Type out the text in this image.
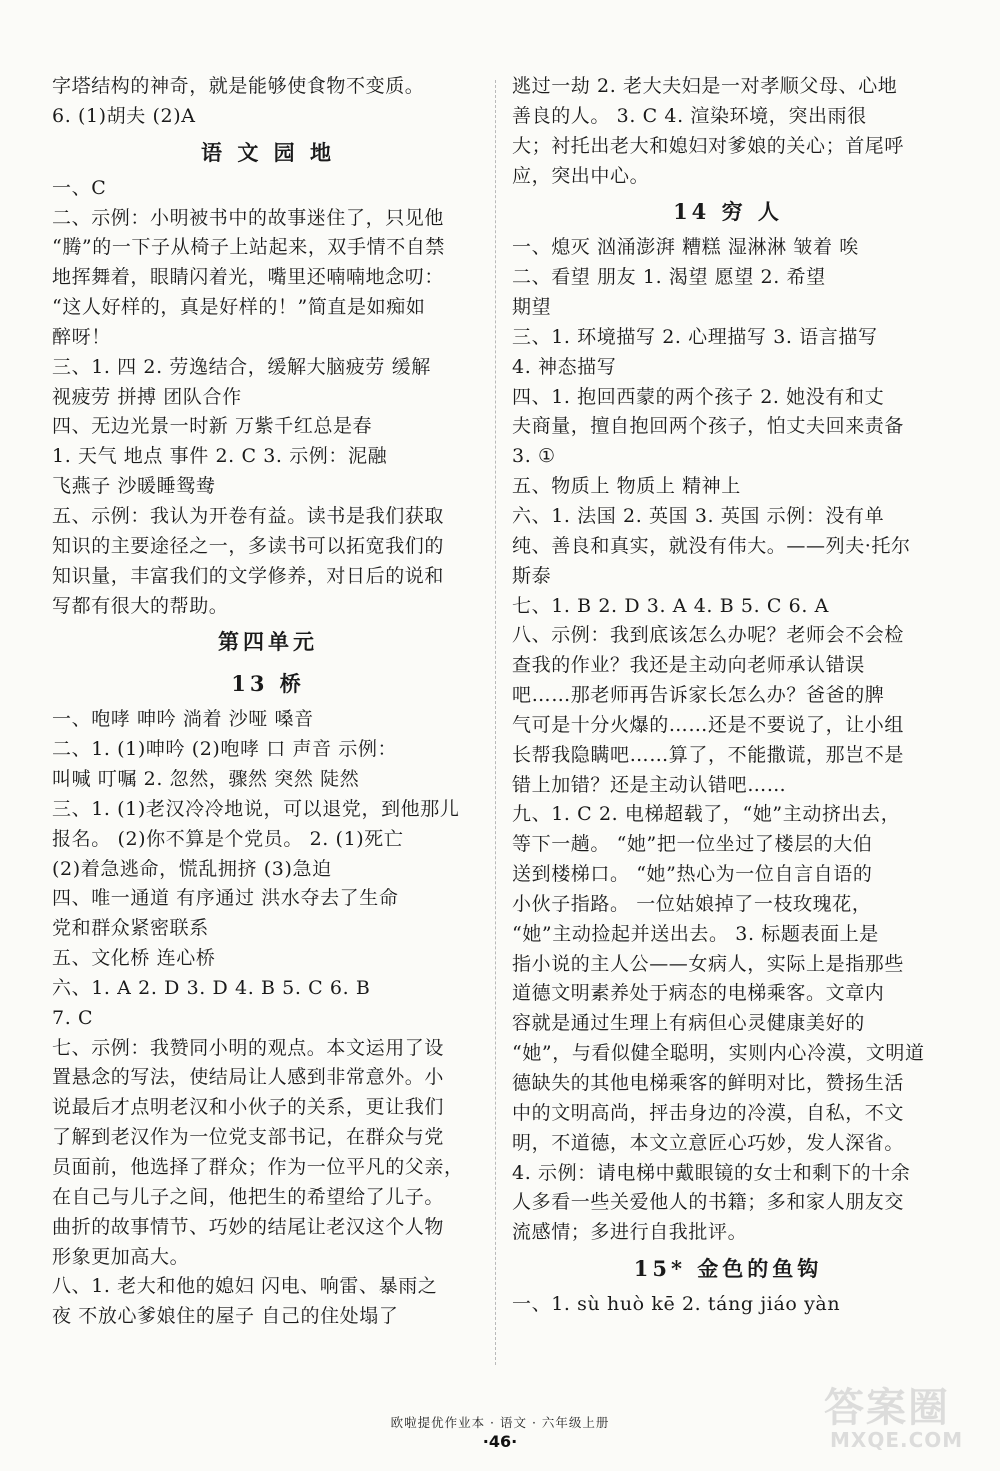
字塔结构的神奇，就是能够使食物不变质。
6. (1)胡夫 (2)A
语 文 园 地
一、C
二、示例：小明被书中的故事迷住了，只见他
“腾”的一下子从椅子上站起来，双手情不自禁
地挥舞着，眼睛闪着光，嘴里还喃喃地念叨：
“这人好样的，真是好样的！”简直是如痴如
醉呀！
三、1. 四 2. 劳逸结合，缓解大脑疲劳 缓解
视疲劳 拼搏 团队合作
四、无边光景一时新 万紫千红总是春
1. 天气 地点 事件 2. C 3. 示例：泥融
飞燕子 沙暖睡鸳鸯
五、示例：我认为开卷有益。读书是我们获取
知识的主要途径之一，多读书可以拓宽我们的
知识量，丰富我们的文学修养，对日后的说和
写都有很大的帮助。
第四单元
13 桥
一、咆哮 呻吟 淌着 沙哑 嗓音
二、1. (1)呻吟 (2)咆哮 口 声音 示例：
叫喊 叮嘱 2. 忽然，骤然 突然 陡然
三、1. (1)老汉冷冷地说，可以退党，到他那儿
报名。 (2)你不算是个党员。 2. (1)死亡
(2)着急逃命，慌乱拥挤 (3)急迫
四、唯一通道 有序通过 洪水夺去了生命
党和群众紧密联系
五、文化桥 连心桥
六、1. A 2. D 3. D 4. B 5. C 6. B
7. C
七、示例：我赞同小明的观点。本文运用了设
置悬念的写法，使结局让人感到非常意外。小
说最后才点明老汉和小伙子的关系，更让我们
了解到老汉作为一位党支部书记，在群众与党
员面前，他选择了群众；作为一位平凡的父亲，
在自己与儿子之间，他把生的希望给了儿子。
曲折的故事情节、巧妙的结尾让老汉这个人物
形象更加高大。
八、1. 老大和他的媳妇 闪电、响雷、暴雨之
夜 不放心爹娘住的屋子 自己的住处塌了
逃过一劫 2. 老大夫妇是一对孝顺父母、心地
善良的人。 3. C 4. 渲染环境，突出雨很
大；衬托出老大和媳妇对爹娘的关心；首尾呼
应，突出中心。
14 穷 人
一、熄灭 汹涌澎湃 糟糕 湿淋淋 皱着 唉
二、看望 朋友 1. 渴望 愿望 2. 希望
期望
三、1. 环境描写 2. 心理描写 3. 语言描写
4. 神态描写
四、1. 抱回西蒙的两个孩子 2. 她没有和丈
夫商量，擅自抱回两个孩子，怕丈夫回来责备
3. ①
五、物质上 物质上 精神上
六、1. 法国 2. 英国 3. 英国 示例：没有单
纯、善良和真实，就没有伟大。——列夫·托尔
斯泰
七、1. B 2. D 3. A 4. B 5. C 6. A
八、示例：我到底该怎么办呢？老师会不会检
查我的作业？我还是主动向老师承认错误
吧……那老师再告诉家长怎么办？爸爸的脾
气可是十分火爆的……还是不要说了，让小组
长帮我隐瞒吧……算了，不能撒谎，那岂不是
错上加错？还是主动认错吧……
九、1. C 2. 电梯超载了，“她”主动挤出去，
等下一趟。 “她”把一位坐过了楼层的大伯
送到楼梯口。 “她”热心为一位自言自语的
小伙子指路。 一位姑娘掉了一枝玫瑰花，
“她”主动捡起并送出去。 3. 标题表面上是
指小说的主人公——女病人，实际上是指那些
道德文明素养处于病态的电梯乘客。文章内
容就是通过生理上有病但心灵健康美好的
“她”，与看似健全聪明，实则内心冷漠，文明道
德缺失的其他电梯乘客的鲜明对比，赞扬生活
中的文明高尚，抨击身边的冷漠，自私，不文
明，不道德，本文立意匠心巧妙，发人深省。
4. 示例：请电梯中戴眼镜的女士和剩下的十余
人多看一些关爱他人的书籍；多和家人朋友交
流感情；多进行自我批评。
15* 金色的鱼钩
一、1. sù huò kē 2. táng jiáo yàn
欧啦提优作业本 · 语文 · 六年级上册
·46·
答案圈
MXQE.COM
